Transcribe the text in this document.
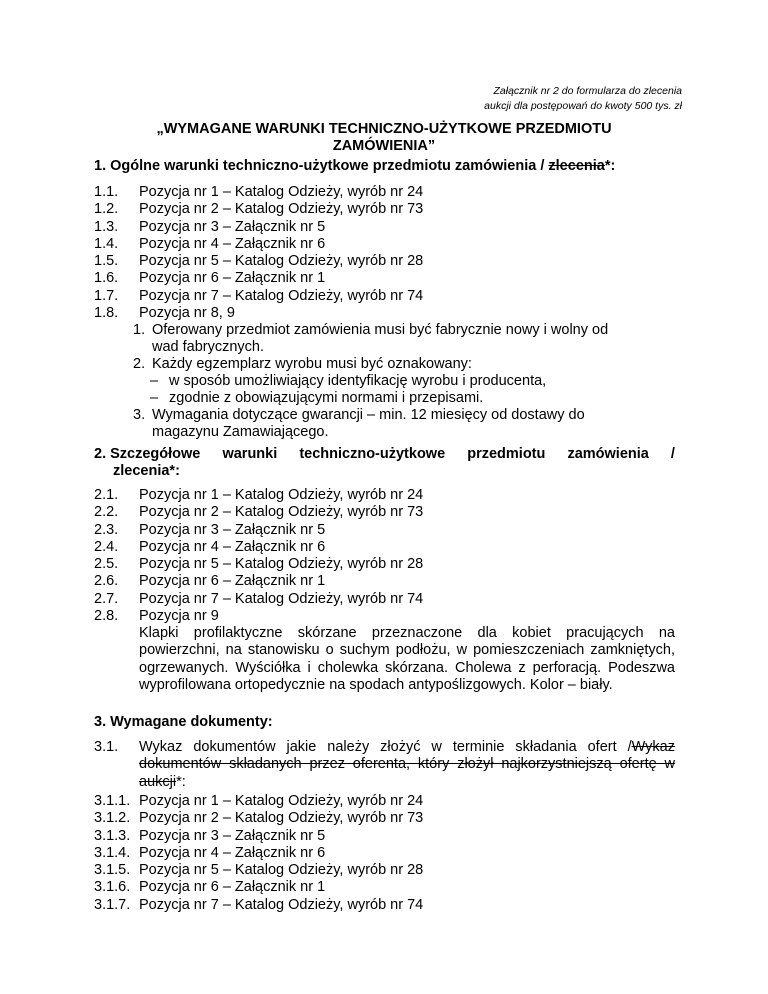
Załącznik nr 2 do formularza do zlecenia
aukcji dla postępowań do kwoty 500 tys. zł
„WYMAGANE WARUNKI TECHNICZNO-UŻYTKOWE PRZEDMIOTU
ZAMÓWIENIA”
1. Ogólne warunki techniczno-użytkowe przedmiotu zamówienia / zlecenia*:
1.1. Pozycja nr 1 – Katalog Odzieży, wyrób nr 24
1.2. Pozycja nr 2 – Katalog Odzieży, wyrób nr 73
1.3. Pozycja nr 3 – Załącznik nr 5
1.4. Pozycja nr 4 – Załącznik nr 6
1.5. Pozycja nr 5 – Katalog Odzieży, wyrób nr 28
1.6. Pozycja nr 6 – Załącznik nr 1
1.7. Pozycja nr 7 – Katalog Odzieży, wyrób nr 74
1.8. Pozycja nr 8, 9
1. Oferowany przedmiot zamówienia musi być fabrycznie nowy i wolny od
wad fabrycznych.
2. Każdy egzemplarz wyrobu musi być oznakowany:
– w sposób umożliwiający identyfikację wyrobu i producenta,
– zgodnie z obowiązującymi normami i przepisami.
3. Wymagania dotyczące gwarancji – min. 12 miesięcy od dostawy do
magazynu Zamawiającego.
2. Szczegółowe warunki techniczno-użytkowe przedmiotu zamówienia /
zlecenia*:
2.1. Pozycja nr 1 – Katalog Odzieży, wyrób nr 24
2.2. Pozycja nr 2 – Katalog Odzieży, wyrób nr 73
2.3. Pozycja nr 3 – Załącznik nr 5
2.4. Pozycja nr 4 – Załącznik nr 6
2.5. Pozycja nr 5 – Katalog Odzieży, wyrób nr 28
2.6. Pozycja nr 6 – Załącznik nr 1
2.7. Pozycja nr 7 – Katalog Odzieży, wyrób nr 74
2.8. Pozycja nr 9
Klapki profilaktyczne skórzane przeznaczone dla kobiet pracujących na powierzchni, na stanowisku o suchym podłożu, w pomieszczeniach zamkniętych, ogrzewanych. Wyściółka i cholewka skórzana. Cholewa z perforacją. Podeszwa wyprofilowana ortopedycznie na spodach antypoślizgowych. Kolor – biały.
3. Wymagane dokumenty:
3.1. Wykaz dokumentów jakie należy złożyć w terminie składania ofert /Wykaz dokumentów składanych przez oferenta, który złożył najkorzystniejszą ofertę w aukcji*:
3.1.1. Pozycja nr 1 – Katalog Odzieży, wyrób nr 24
3.1.2. Pozycja nr 2 – Katalog Odzieży, wyrób nr 73
3.1.3. Pozycja nr 3 – Załącznik nr 5
3.1.4. Pozycja nr 4 – Załącznik nr 6
3.1.5. Pozycja nr 5 – Katalog Odzieży, wyrób nr 28
3.1.6. Pozycja nr 6 – Załącznik nr 1
3.1.7. Pozycja nr 7 – Katalog Odzieży, wyrób nr 74
